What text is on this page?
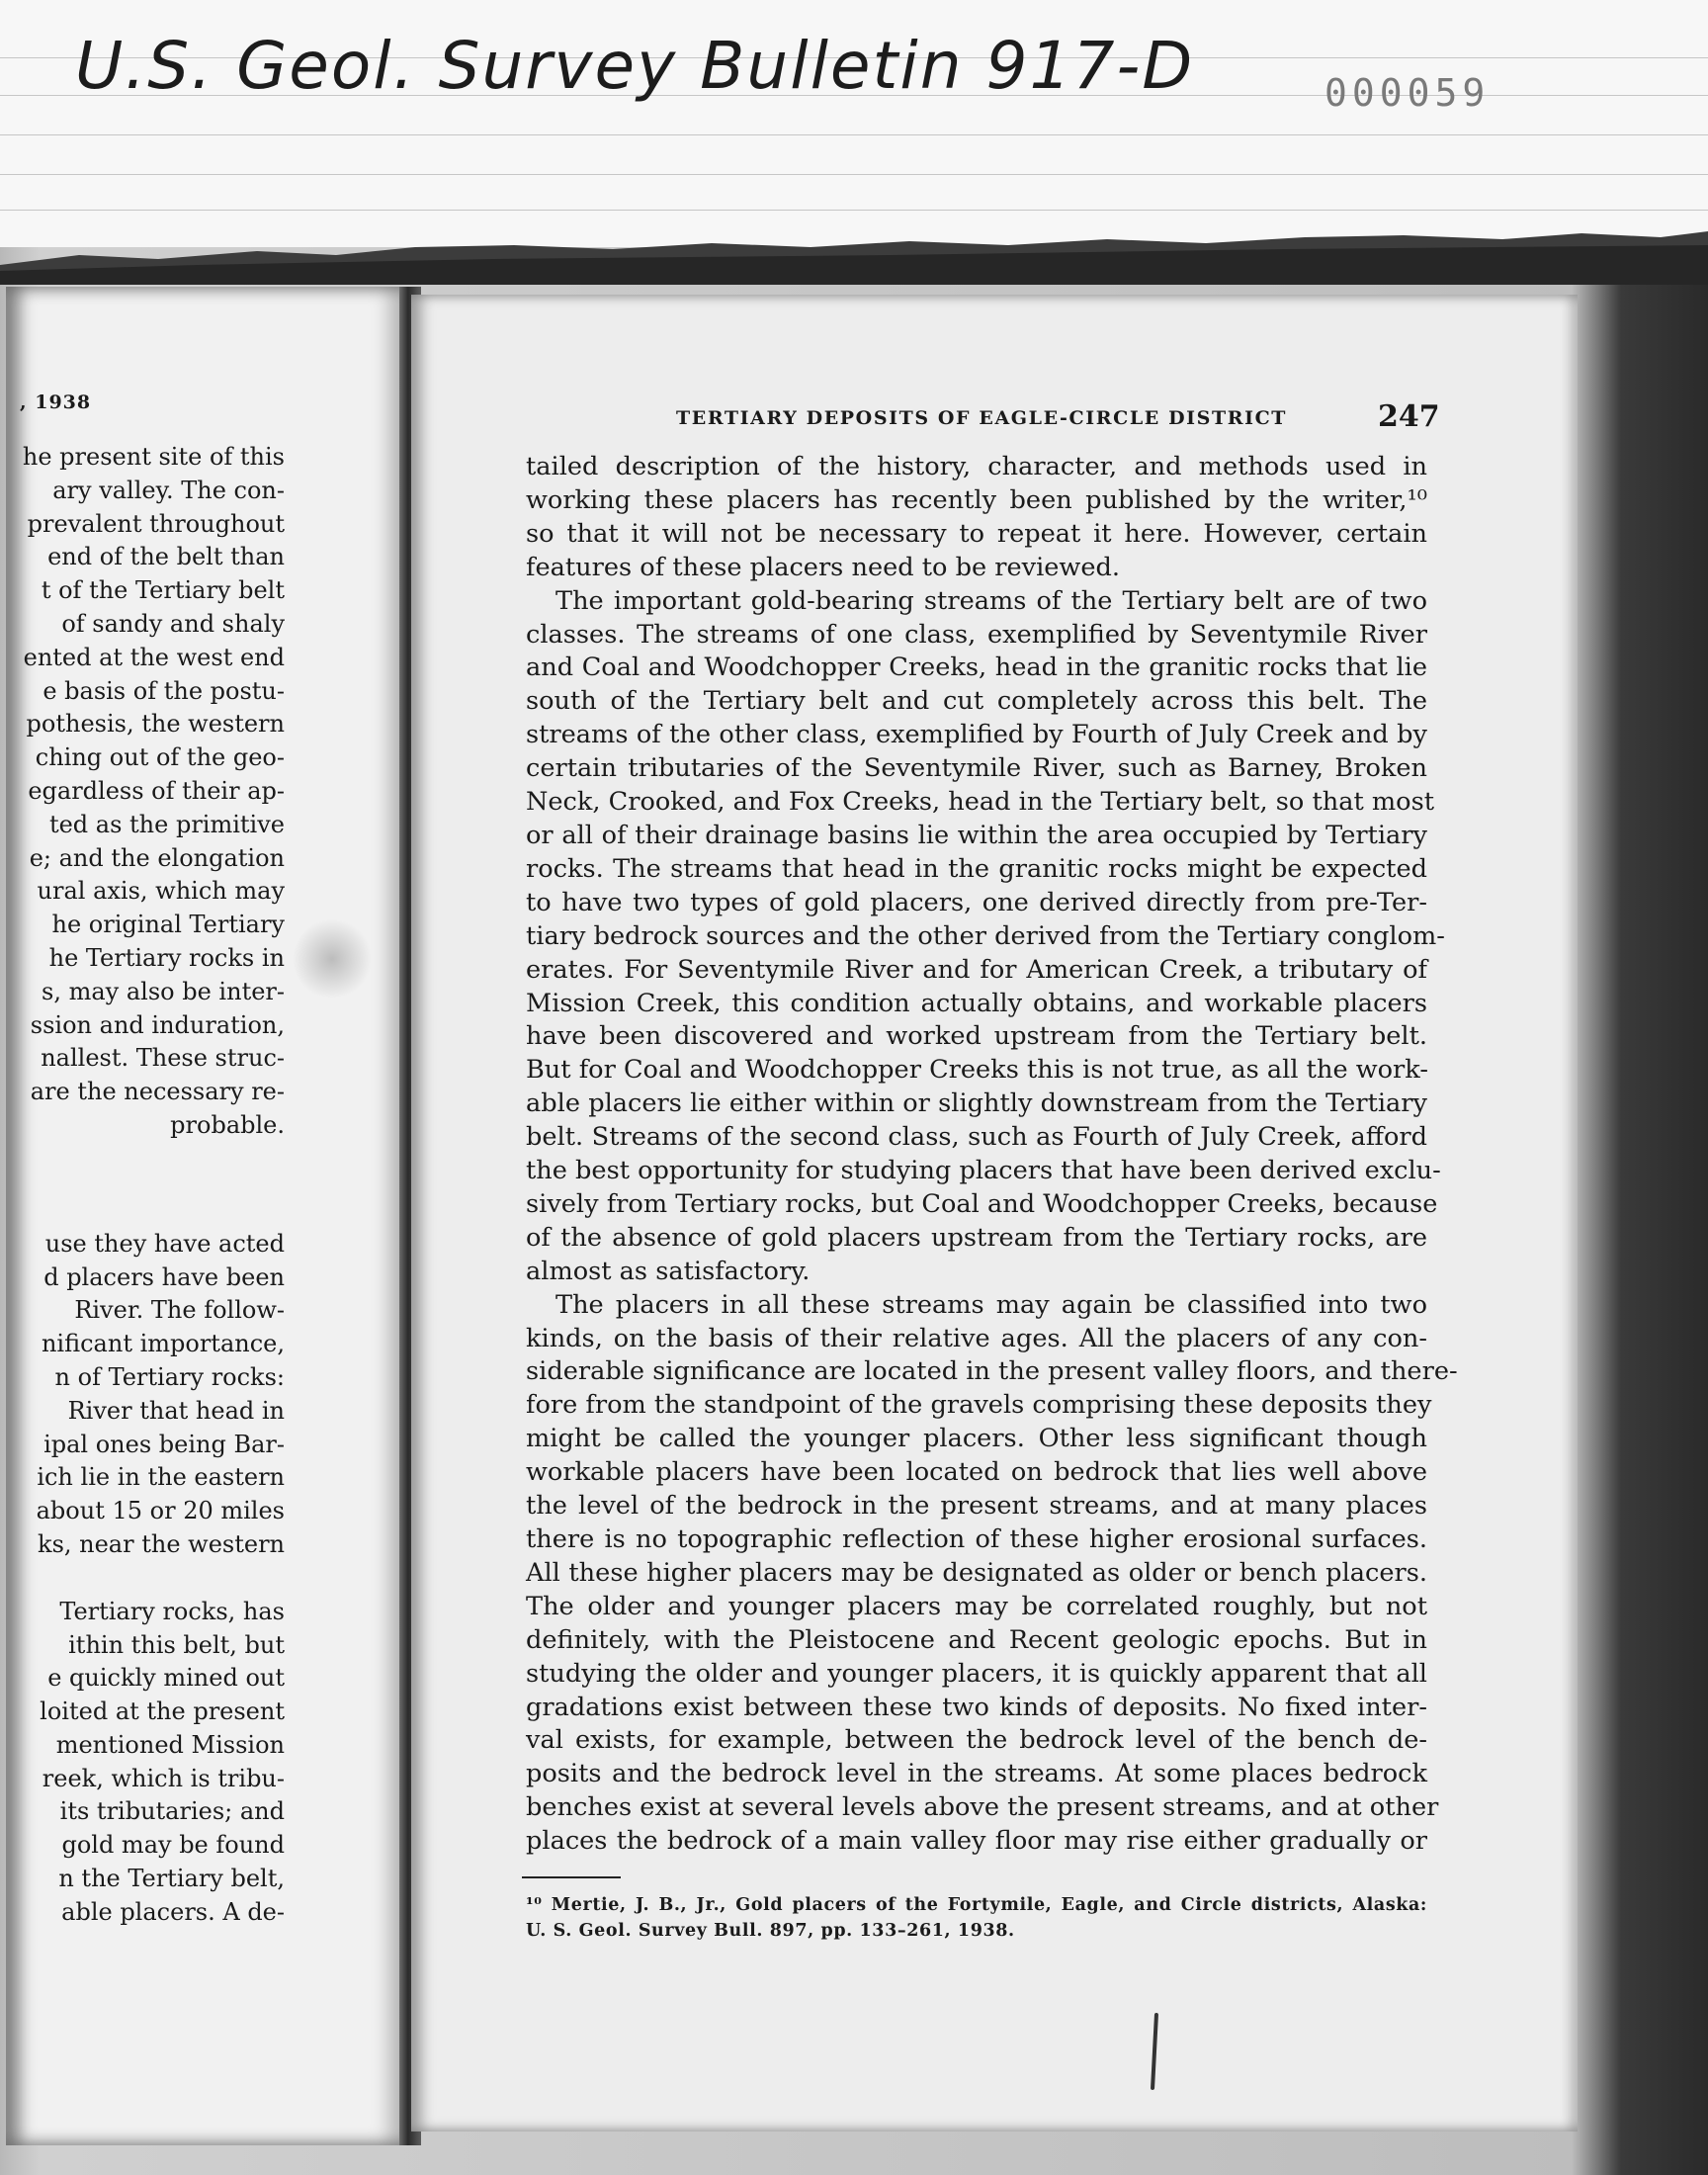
U.S. Geol. Survey Bulletin 917-D	000059
, 1938
he present site of this
ary valley. The con-
prevalent throughout
end of the belt than
t of the Tertiary belt
of sandy and shaly
ented at the west end
e basis of the postu-
pothesis, the western
ching out of the geo-
egardless of their ap-
ted as the primitive
e; and the elongation
ural axis, which may
he original Tertiary
he Tertiary rocks in
s, may also be inter-
ssion and induration,
nallest. These struc-
are the necessary re-
probable.
use they have acted
d placers have been
River. The follow-
nificant importance,
n of Tertiary rocks:
River that head in
ipal ones being Bar-
ich lie in the eastern
about 15 or 20 miles
ks, near the western
Tertiary rocks, has
ithin this belt, but
e quickly mined out
loited at the present
mentioned Mission
reek, which is tribu-
its tributaries; and
gold may be found
n the Tertiary belt,
able placers. A de-
TERTIARY DEPOSITS OF EAGLE-CIRCLE DISTRICT	247
tailed description of the history, character, and methods used in
working these placers has recently been published by the writer,¹⁰
so that it will not be necessary to repeat it here. However, certain
features of these placers need to be reviewed.
The important gold-bearing streams of the Tertiary belt are of two
classes. The streams of one class, exemplified by Seventymile River
and Coal and Woodchopper Creeks, head in the granitic rocks that lie
south of the Tertiary belt and cut completely across this belt. The
streams of the other class, exemplified by Fourth of July Creek and by
certain tributaries of the Seventymile River, such as Barney, Broken
Neck, Crooked, and Fox Creeks, head in the Tertiary belt, so that most
or all of their drainage basins lie within the area occupied by Tertiary
rocks. The streams that head in the granitic rocks might be expected
to have two types of gold placers, one derived directly from pre-Ter-
tiary bedrock sources and the other derived from the Tertiary conglom-
erates. For Seventymile River and for American Creek, a tributary of
Mission Creek, this condition actually obtains, and workable placers
have been discovered and worked upstream from the Tertiary belt.
But for Coal and Woodchopper Creeks this is not true, as all the work-
able placers lie either within or slightly downstream from the Tertiary
belt. Streams of the second class, such as Fourth of July Creek, afford
the best opportunity for studying placers that have been derived exclu-
sively from Tertiary rocks, but Coal and Woodchopper Creeks, because
of the absence of gold placers upstream from the Tertiary rocks, are
almost as satisfactory.
The placers in all these streams may again be classified into two
kinds, on the basis of their relative ages. All the placers of any con-
siderable significance are located in the present valley floors, and there-
fore from the standpoint of the gravels comprising these deposits they
might be called the younger placers. Other less significant though
workable placers have been located on bedrock that lies well above
the level of the bedrock in the present streams, and at many places
there is no topographic reflection of these higher erosional surfaces.
All these higher placers may be designated as older or bench placers.
The older and younger placers may be correlated roughly, but not
definitely, with the Pleistocene and Recent geologic epochs. But in
studying the older and younger placers, it is quickly apparent that all
gradations exist between these two kinds of deposits. No fixed inter-
val exists, for example, between the bedrock level of the bench de-
posits and the bedrock level in the streams. At some places bedrock
benches exist at several levels above the present streams, and at other
places the bedrock of a main valley floor may rise either gradually or
¹⁰ Mertie, J. B., Jr., Gold placers of the Fortymile, Eagle, and Circle districts, Alaska:
U. S. Geol. Survey Bull. 897, pp. 133–261, 1938.
